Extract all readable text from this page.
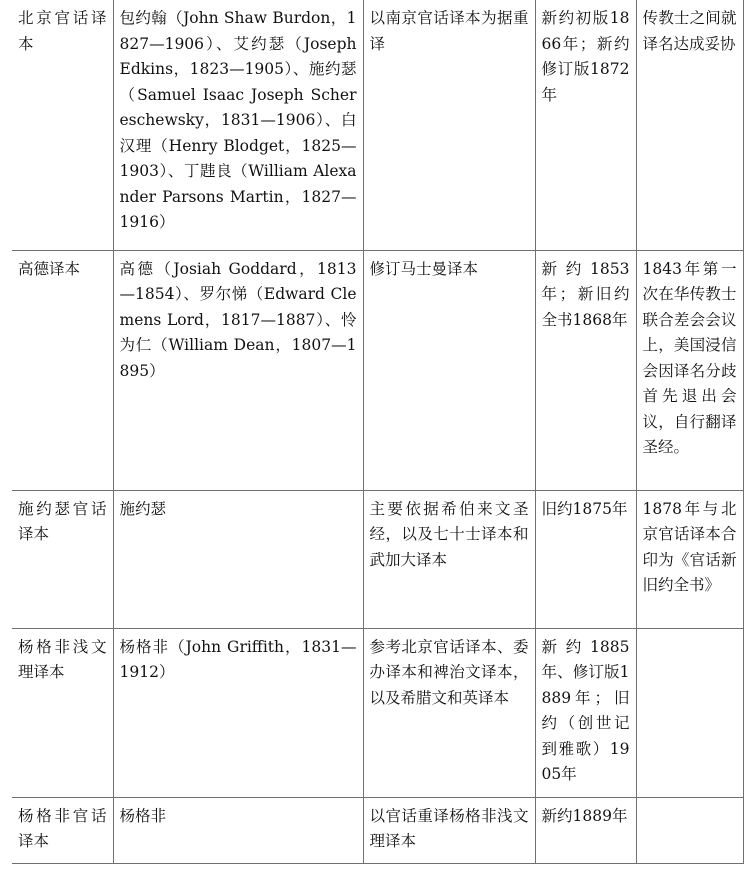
北京官话译本	包约翰（John Shaw Burdon，1827—1906）、艾约瑟（Joseph Edkins，1823—1905）、施约瑟（Samuel Isaac Joseph Schereschewsky，1831—1906）、白汉理（Henry Blodget，1825—1903）、丁韪良（William Alexander Parsons Martin，1827—1916）	以南京官话译本为据重译	新约初版1866年；新约修订版1872年	传教士之间就译名达成妥协
高德译本	高德（Josiah Goddard，1813—1854）、罗尔悌（Edward Clemens Lord，1817—1887）、怜为仁（William Dean，1807—1895）	修订马士曼译本	新约1853年；新旧约全书1868年	1843年第一次在华传教士联合差会会议上，美国浸信会因译名分歧首先退出会议，自行翻译圣经。
施约瑟官话译本	施约瑟	主要依据希伯来文圣经，以及七十士译本和武加大译本	旧约1875年	1878年与北京官话译本合印为《官话新旧约全书》
杨格非浅文理译本	杨格非（John Griffith，1831—1912）	参考北京官话译本、委办译本和裨治文译本，以及希腊文和英译本	新约1885年、修订版1889年；旧约（创世记到雅歌）1905年	
杨格非官话译本	杨格非	以官话重译杨格非浅文理译本	新约1889年	
